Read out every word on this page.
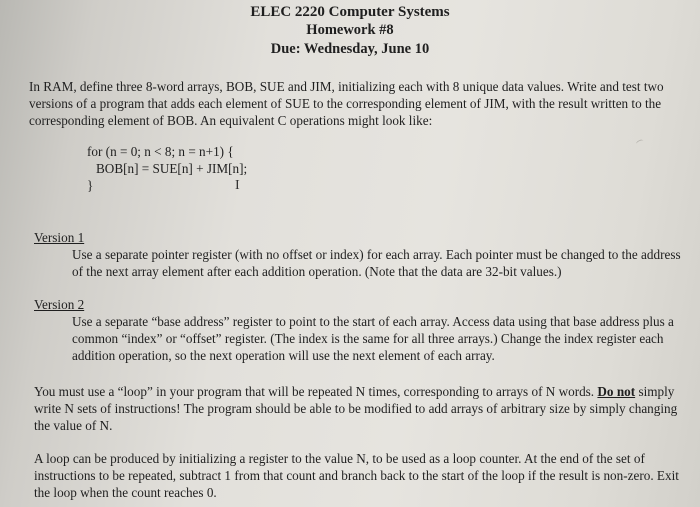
ELEC 2220 Computer Systems
Homework #8
Due: Wednesday, June 10
In RAM, define three 8-word arrays, BOB, SUE and JIM, initializing each with 8 unique data values. Write and test two versions of a program that adds each element of SUE to the corresponding element of JIM, with the result written to the corresponding element of BOB. An equivalent C operations might look like:
for (n = 0; n < 8; n = n+1) {
BOB[n] = SUE[n] + JIM[n];
}	I
Version 1
Use a separate pointer register (with no offset or index) for each array. Each pointer must be changed to the address of the next array element after each addition operation. (Note that the data are 32-bit values.)
Version 2
Use a separate “base address” register to point to the start of each array. Access data using that base address plus a common “index” or “offset” register. (The index is the same for all three arrays.) Change the index register each addition operation, so the next operation will use the next element of each array.
You must use a “loop” in your program that will be repeated N times, corresponding to arrays of N words. Do not simply write N sets of instructions! The program should be able to be modified to add arrays of arbitrary size by simply changing the value of N.
A loop can be produced by initializing a register to the value N, to be used as a loop counter. At the end of the set of instructions to be repeated, subtract 1 from that count and branch back to the start of the loop if the result is non-zero. Exit the loop when the count reaches 0.
